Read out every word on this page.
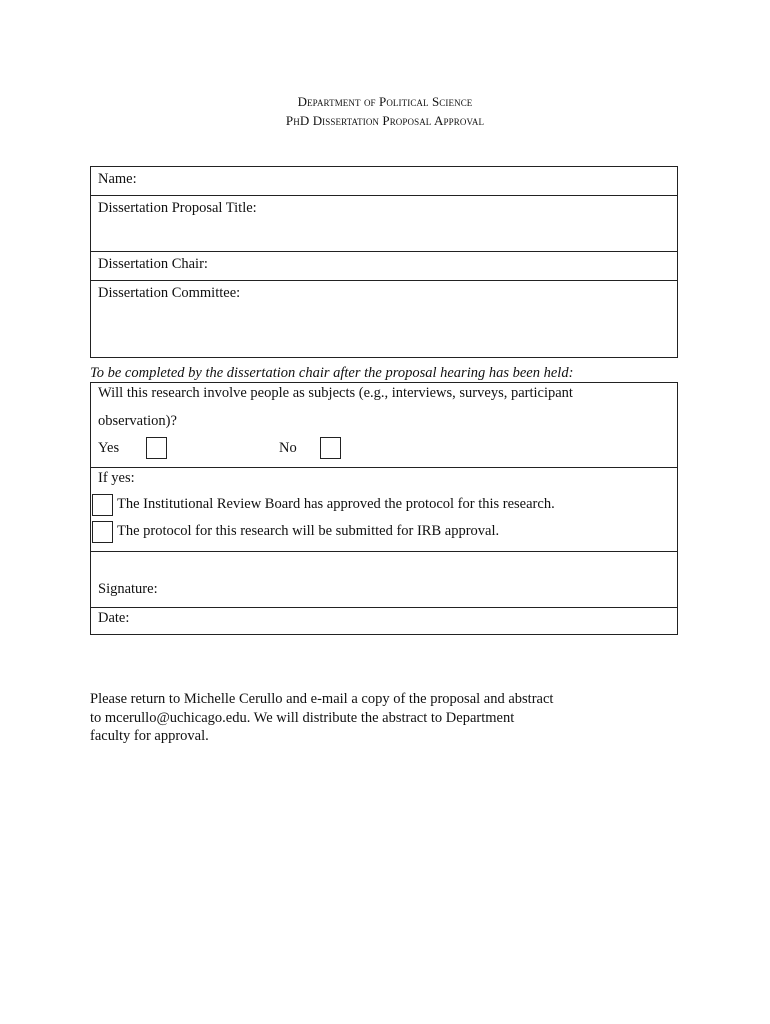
Department of Political Science
PhD Dissertation Proposal Approval
Name:
Dissertation Proposal Title:
Dissertation Chair:
Dissertation Committee:
To be completed by the dissertation chair after the proposal hearing has been held:
Will this research involve people as subjects (e.g., interviews, surveys, participant
observation)?
Yes	No
If yes:
The Institutional Review Board has approved the protocol for this research.
The protocol for this research will be submitted for IRB approval.
Signature:
Date:
Please return to Michelle Cerullo and e-mail a copy of the proposal and abstract
to mcerullo@uchicago.edu. We will distribute the abstract to Department
faculty for approval.
